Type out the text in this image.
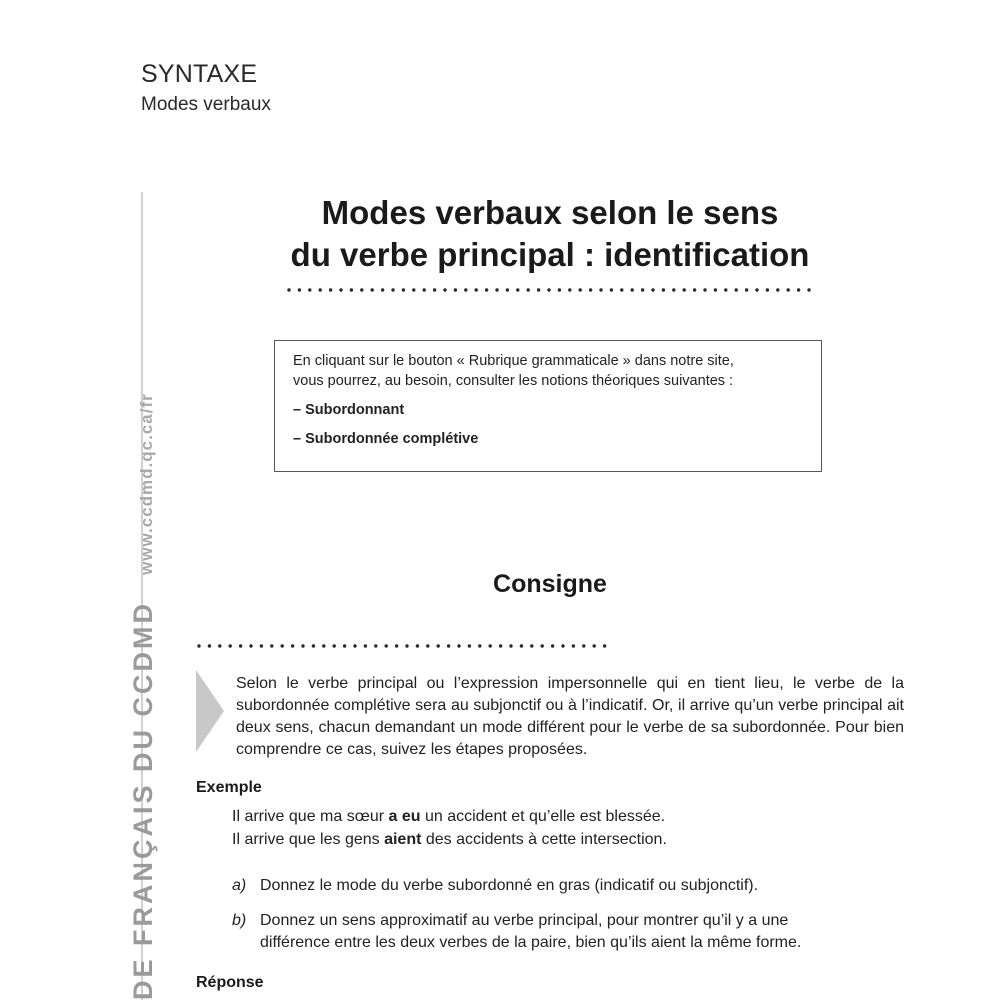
SYNTAXE
Modes verbaux
DE FRANÇAIS DU CCDMD
www.ccdmd.qc.ca/fr
Modes verbaux selon le sens
du verbe principal : identification
En cliquant sur le bouton « Rubrique grammaticale » dans notre site,
vous pourrez, au besoin, consulter les notions théoriques suivantes :
– Subordonnant
– Subordonnée complétive
Consigne
Selon le verbe principal ou l’expression impersonnelle qui en tient lieu, le verbe de la subordonnée complétive sera au subjonctif ou à l’indicatif. Or, il arrive qu’un verbe principal ait deux sens, chacun demandant un mode différent pour le verbe de sa subordonnée. Pour bien comprendre ce cas, suivez les étapes proposées.
Exemple
Il arrive que ma sœur a eu un accident et qu’elle est blessée.
Il arrive que les gens aient des accidents à cette intersection.
a) Donnez le mode du verbe subordonné en gras (indicatif ou subjonctif).
b) Donnez un sens approximatif au verbe principal, pour montrer qu’il y a une
différence entre les deux verbes de la paire, bien qu’ils aient la même forme.
Réponse
